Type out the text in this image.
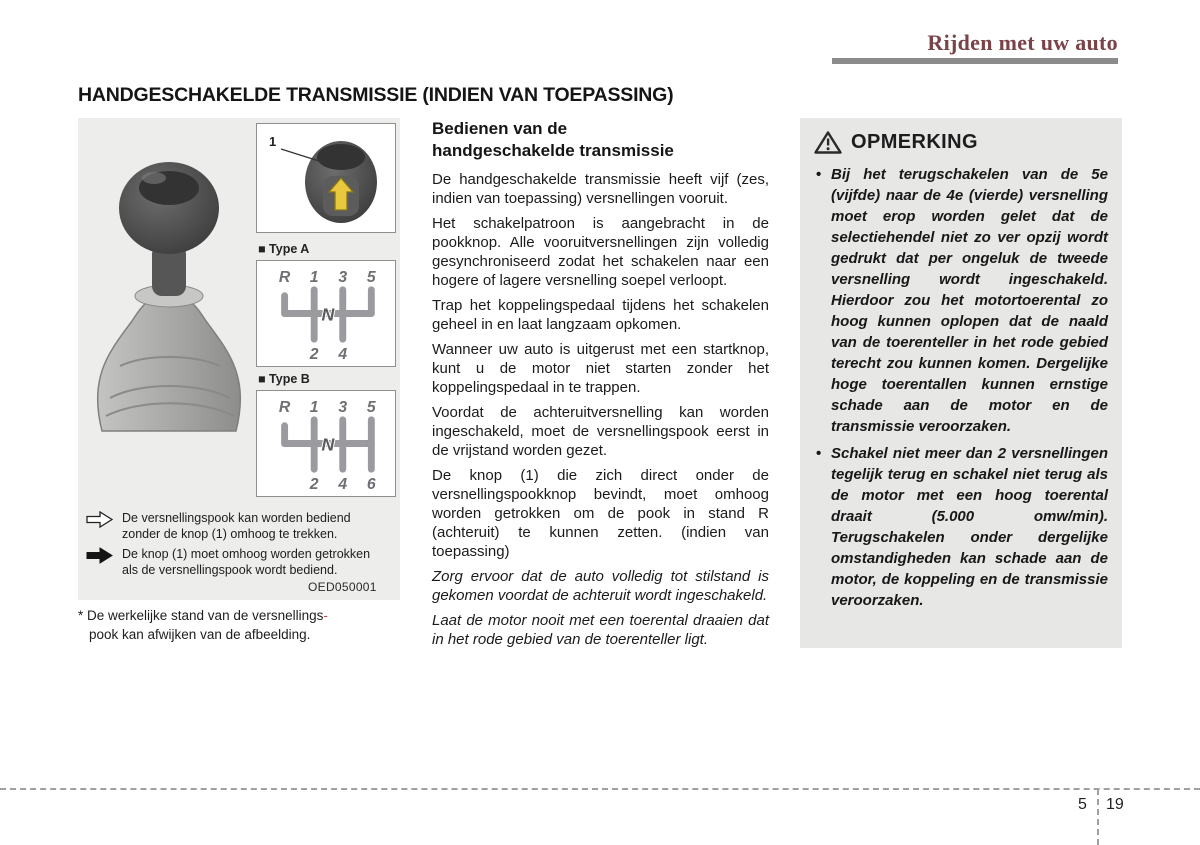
Rijden met uw auto
HANDGESCHAKELDE TRANSMISSIE (INDIEN VAN TOEPASSING)
1
■ Type A
R 1 3 5
2 4
N
■ Type B
R 1 3 5
2 4 6
N
De versnellingspook kan worden bediend zonder de knop (1) omhoog te trekken.
De knop (1) moet omhoog worden getrokken als de versnellingspook wordt bediend.
OED050001
* De werkelijke stand van de versnellings-
pook kan afwijken van de afbeelding.
Bedienen van de handgeschakelde transmissie

De handgeschakelde transmissie heeft vijf (zes, indien van toepassing) versnellingen vooruit.

Het schakelpatroon is aangebracht in de pookknop. Alle vooruitversnellingen zijn volledig gesynchroniseerd zodat het schakelen naar een hogere of lagere versnelling soepel verloopt.

Trap het koppelingspedaal tijdens het schakelen geheel in en laat langzaam opkomen.

Wanneer uw auto is uitgerust met een startknop, kunt u de motor niet starten zonder het koppelingspedaal in te trappen.

Voordat de achteruitversnelling kan worden ingeschakeld, moet de versnellingspook eerst in de vrijstand worden gezet.

De knop (1) die zich direct onder de versnellingspookknop bevindt, moet omhoog worden getrokken om de pook in stand R (achteruit) te kunnen zetten. (indien van toepassing)

Zorg ervoor dat de auto volledig tot stilstand is gekomen voordat de achteruit wordt ingeschakeld.

Laat de motor nooit met een toerental draaien dat in het rode gebied van de toerenteller ligt.

OPMERKING
• Bij het terugschakelen van de 5e (vijfde) naar de 4e (vierde) versnelling moet erop worden gelet dat de selectiehendel niet zo ver opzij wordt gedrukt dat per ongeluk de tweede versnelling wordt ingeschakeld. Hierdoor zou het motortoerental zo hoog kunnen oplopen dat de naald van de toerenteller in het rode gebied terecht zou kunnen komen. Dergelijke hoge toerentallen kunnen ernstige schade aan de motor en de transmissie veroorzaken.
• Schakel niet meer dan 2 versnellingen tegelijk terug en schakel niet terug als de motor met een hoog toerental draait (5.000 omw/min). Terugschakelen onder dergelijke omstandigheden kan schade aan de motor, de koppeling en de transmissie veroorzaken.
5 19
